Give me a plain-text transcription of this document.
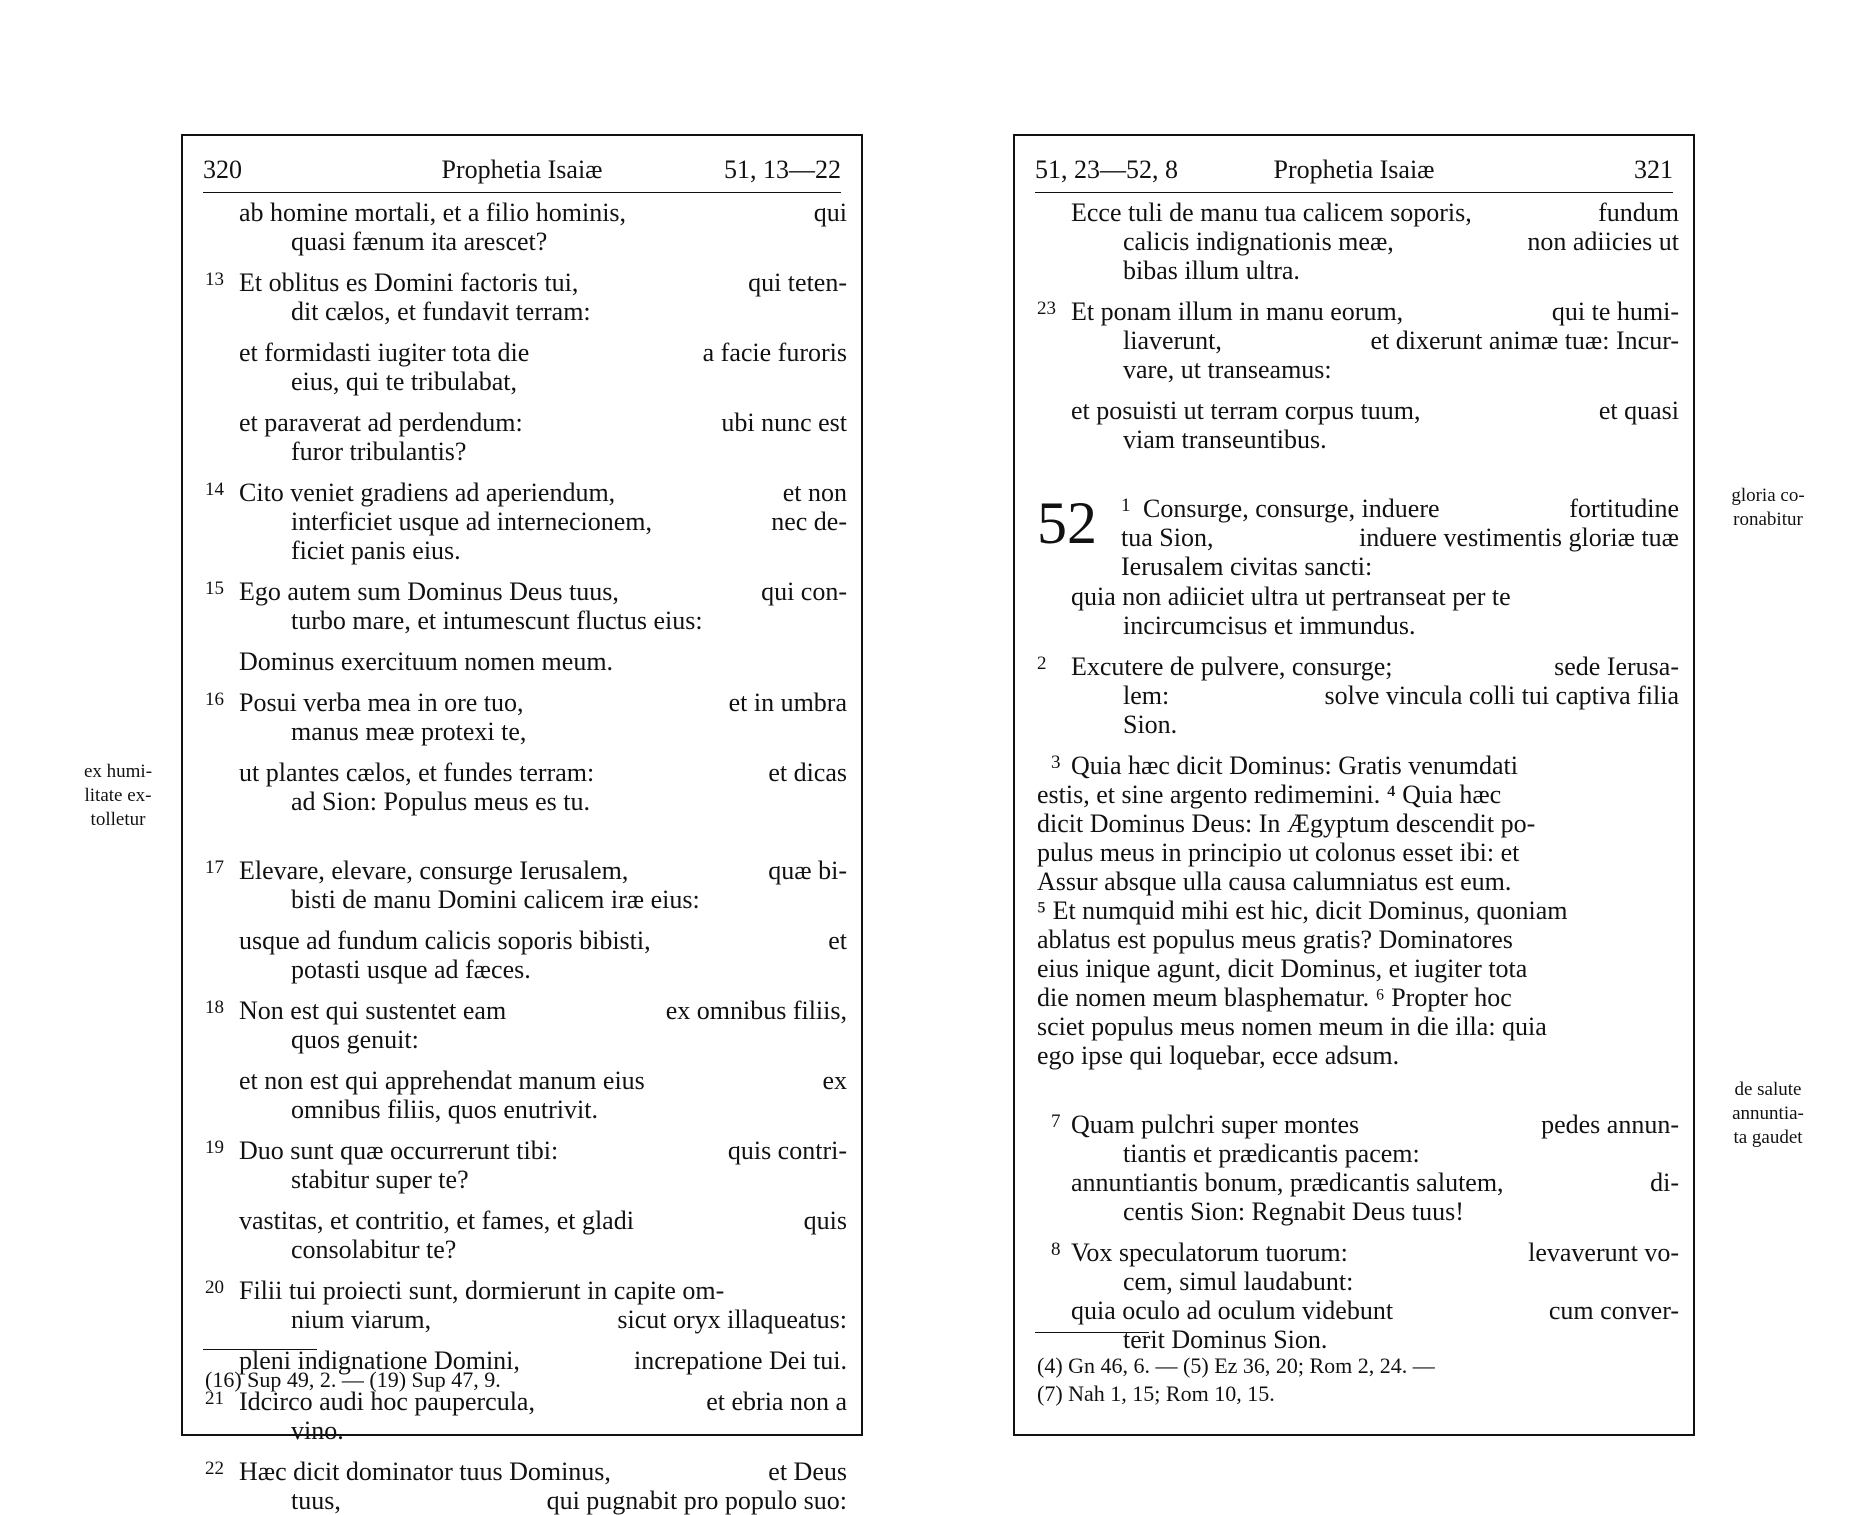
320	Prophetia Isaiæ	51, 13—22
ab homine mortali, et a filio hominis,	qui
quasi fænum ita arescet?
13 Et oblitus es Domini factoris tui,	qui teten-
dit cælos, et fundavit terram:
et formidasti iugiter tota die	a facie furoris
eius, qui te tribulabat,
et paraverat ad perdendum:	ubi nunc est
furor tribulantis?
14 Cito veniet gradiens ad aperiendum,	et non
interficiet usque ad internecionem,	nec de-
ficiet panis eius.
15 Ego autem sum Dominus Deus tuus,	qui con-
turbo mare, et intumescunt fluctus eius:
Dominus exercituum nomen meum.
16 Posui verba mea in ore tuo,	et in umbra
manus meæ protexi te,
ut plantes cælos, et fundes terram:	et dicas
ad Sion: Populus meus es tu.
17 Elevare, elevare, consurge Ierusalem,	quæ bi-
bisti de manu Domini calicem iræ eius:
usque ad fundum calicis soporis bibisti,	et
potasti usque ad fæces.
18 Non est qui sustentet eam	ex omnibus filiis,
quos genuit:
et non est qui apprehendat manum eius	ex
omnibus filiis, quos enutrivit.
19 Duo sunt quæ occurrerunt tibi:	quis contri-
stabitur super te?
vastitas, et contritio, et fames, et gladi	quis
consolabitur te?
20 Filii tui proiecti sunt, dormierunt in capite om-
nium viarum,	sicut oryx illaqueatus:
pleni indignatione Domini,	increpatione Dei tui.
21 Idcirco audi hoc paupercula,	et ebria non a
vino.
22 Hæc dicit dominator tuus Dominus,	et Deus
tuus,	qui pugnabit pro populo suo:
(16) Sup 49, 2. — (19) Sup 47, 9.
ex humi-
litate ex-
tolletur
51, 23—52, 8	Prophetia Isaiæ	321
Ecce tuli de manu tua calicem soporis,	fundum
calicis indignationis meæ,	non adiicies ut
bibas illum ultra.
23 Et ponam illum in manu eorum,	qui te humi-
liaverunt,	et dixerunt animæ tuæ: Incur-
vare, ut transeamus:
et posuisti ut terram corpus tuum,	et quasi
viam transeuntibus.
52 1 Consurge, consurge, induere	fortitudine
tua Sion,	induere vestimentis gloriæ tuæ
Ierusalem civitas sancti:
quia non adiiciet ultra ut pertranseat per te
incircumcisus et immundus.
2 Excutere de pulvere, consurge;	sede Ierusa-
lem:	solve vincula colli tui captiva filia
Sion.
3 Quia hæc dicit Dominus: Gratis venumdati
estis, et sine argento redimemini. ⁴ Quia hæc
dicit Dominus Deus: In Ægyptum descendit po-
pulus meus in principio ut colonus esset ibi: et
Assur absque ulla causa calumniatus est eum.
⁵ Et numquid mihi est hic, dicit Dominus, quoniam
ablatus est populus meus gratis? Dominatores
eius inique agunt, dicit Dominus, et iugiter tota
die nomen meum blasphematur. ⁶ Propter hoc
sciet populus meus nomen meum in die illa: quia
ego ipse qui loquebar, ecce adsum.
7 Quam pulchri super montes	pedes annun-
tiantis et prædicantis pacem:
annuntiantis bonum, prædicantis salutem,	di-
centis Sion: Regnabit Deus tuus!
8 Vox speculatorum tuorum:	levaverunt vo-
cem, simul laudabunt:
quia oculo ad oculum videbunt	cum conver-
terit Dominus Sion.
(4) Gn 46, 6. — (5) Ez 36, 20; Rom 2, 24. —
(7) Nah 1, 15; Rom 10, 15.
gloria co-
ronabitur
de salute
annuntia-
ta gaudet
